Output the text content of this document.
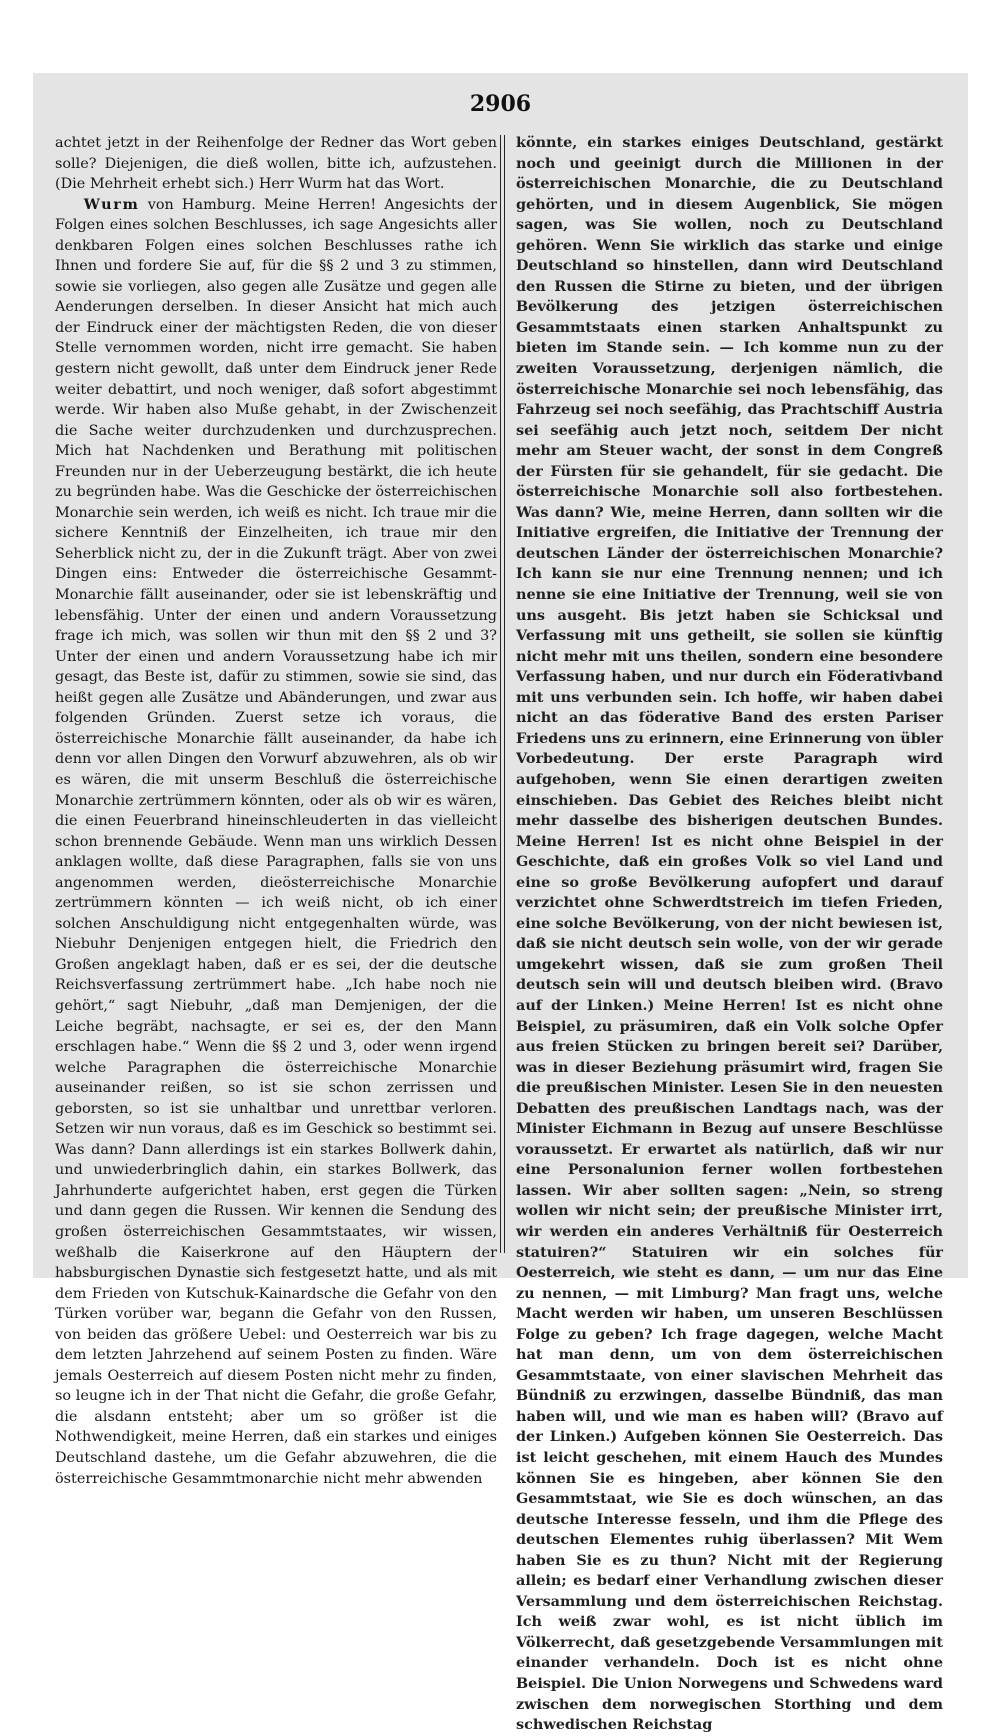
2906

achtet jetzt in der Reihenfolge der Redner das Wort geben solle? Diejenigen, die dieß wollen, bitte ich, aufzustehen. (Die Mehrheit erhebt sich.) Herr Wurm hat das Wort.

Wurm von Hamburg. Meine Herren! Angesichts der Folgen eines solchen Beschlusses, ich sage Angesichts aller denkbaren Folgen eines solchen Beschlusses rathe ich Ihnen und fordere Sie auf, für die §§ 2 und 3 zu stimmen, sowie sie vorliegen, also gegen alle Zusätze und gegen alle Aenderungen derselben. In dieser Ansicht hat mich auch der Eindruck einer der mächtigsten Reden, die von dieser Stelle vernommen worden, nicht irre gemacht. Sie haben gestern nicht gewollt, daß unter dem Eindruck jener Rede weiter debattirt, und noch weniger, daß sofort abgestimmt werde. Wir haben also Muße gehabt, in der Zwischenzeit die Sache weiter durchzudenken und durchzusprechen. Mich hat Nachdenken und Berathung mit politischen Freunden nur in der Ueberzeugung bestärkt, die ich heute zu begründen habe. Was die Geschicke der österreichischen Monarchie sein werden, ich weiß es nicht. Ich traue mir die sichere Kenntniß der Einzelheiten, ich traue mir den Seherblick nicht zu, der in die Zukunft trägt. Aber von zwei Dingen eins: Entweder die österreichische Gesammt-Monarchie fällt auseinander, oder sie ist lebenskräftig und lebensfähig. Unter der einen und andern Voraussetzung frage ich mich, was sollen wir thun mit den §§ 2 und 3? Unter der einen und andern Voraussetzung habe ich mir gesagt, das Beste ist, dafür zu stimmen, sowie sie sind, das heißt gegen alle Zusätze und Abänderungen, und zwar aus folgenden Gründen. Zuerst setze ich voraus, die österreichische Monarchie fällt auseinander, da habe ich denn vor allen Dingen den Vorwurf abzuwehren, als ob wir es wären, die mit unserm Beschluß die österreichische Monarchie zertrümmern könnten, oder als ob wir es wären, die einen Feuerbrand hineinschleuderten in das vielleicht schon brennende Gebäude. Wenn man uns wirklich Dessen anklagen wollte, daß diese Paragraphen, falls sie von uns angenommen werden, dieösterreichische Monarchie zertrümmern könnten — ich weiß nicht, ob ich einer solchen Anschuldigung nicht entgegenhalten würde, was Niebuhr Denjenigen entgegen hielt, die Friedrich den Großen angeklagt haben, daß er es sei, der die deutsche Reichsverfassung zertrümmert habe. „Ich habe noch nie gehört,“ sagt Niebuhr, „daß man Demjenigen, der die Leiche begräbt, nachsagte, er sei es, der den Mann erschlagen habe.“ Wenn die §§ 2 und 3, oder wenn irgend welche Paragraphen die österreichische Monarchie auseinander reißen, so ist sie schon zerrissen und geborsten, so ist sie unhaltbar und unrettbar verloren. Setzen wir nun voraus, daß es im Geschick so bestimmt sei. Was dann? Dann allerdings ist ein starkes Bollwerk dahin, und unwiederbringlich dahin, ein starkes Bollwerk, das Jahrhunderte aufgerichtet haben, erst gegen die Türken und dann gegen die Russen. Wir kennen die Sendung des großen österreichischen Gesammtstaates, wir wissen, weßhalb die Kaiserkrone auf den Häuptern der habsburgischen Dynastie sich festgesetzt hatte, und als mit dem Frieden von Kutschuk-Kainardsche die Gefahr von den Türken vorüber war, begann die Gefahr von den Russen, von beiden das größere Uebel: und Oesterreich war bis zu dem letzten Jahrzehend auf seinem Posten zu finden. Wäre jemals Oesterreich auf diesem Posten nicht mehr zu finden, so leugne ich in der That nicht die Gefahr, die große Gefahr, die alsdann entsteht; aber um so größer ist die Nothwendigkeit, meine Herren, daß ein starkes und einiges Deutschland dastehe, um die Gefahr abzuwehren, die die österreichische Gesammtmonarchie nicht mehr abwenden

könnte, ein starkes einiges Deutschland, gestärkt noch und geeinigt durch die Millionen in der österreichischen Monarchie, die zu Deutschland gehörten, und in diesem Augenblick, Sie mögen sagen, was Sie wollen, noch zu Deutschland gehören. Wenn Sie wirklich das starke und einige Deutschland so hinstellen, dann wird Deutschland den Russen die Stirne zu bieten, und der übrigen Bevölkerung des jetzigen österreichischen Gesammtstaats einen starken Anhaltspunkt zu bieten im Stande sein. — Ich komme nun zu der zweiten Voraussetzung, derjenigen nämlich, die österreichische Monarchie sei noch lebensfähig, das Fahrzeug sei noch seefähig, das Prachtschiff Austria sei seefähig auch jetzt noch, seitdem Der nicht mehr am Steuer wacht, der sonst in dem Congreß der Fürsten für sie gehandelt, für sie gedacht. Die österreichische Monarchie soll also fortbestehen. Was dann? Wie, meine Herren, dann sollten wir die Initiative ergreifen, die Initiative der Trennung der deutschen Länder der österreichischen Monarchie? Ich kann sie nur eine Trennung nennen; und ich nenne sie eine Initiative der Trennung, weil sie von uns ausgeht. Bis jetzt haben sie Schicksal und Verfassung mit uns getheilt, sie sollen sie künftig nicht mehr mit uns theilen, sondern eine besondere Verfassung haben, und nur durch ein Föderativband mit uns verbunden sein. Ich hoffe, wir haben dabei nicht an das föderative Band des ersten Pariser Friedens uns zu erinnern, eine Erinnerung von übler Vorbedeutung. Der erste Paragraph wird aufgehoben, wenn Sie einen derartigen zweiten einschieben. Das Gebiet des Reiches bleibt nicht mehr dasselbe des bisherigen deutschen Bundes. Meine Herren! Ist es nicht ohne Beispiel in der Geschichte, daß ein großes Volk so viel Land und eine so große Bevölkerung aufopfert und darauf verzichtet ohne Schwerdtstreich im tiefen Frieden, eine solche Bevölkerung, von der nicht bewiesen ist, daß sie nicht deutsch sein wolle, von der wir gerade umgekehrt wissen, daß sie zum großen Theil deutsch sein will und deutsch bleiben wird. (Bravo auf der Linken.) Meine Herren! Ist es nicht ohne Beispiel, zu präsumiren, daß ein Volk solche Opfer aus freien Stücken zu bringen bereit sei? Darüber, was in dieser Beziehung präsumirt wird, fragen Sie die preußischen Minister. Lesen Sie in den neuesten Debatten des preußischen Landtags nach, was der Minister Eichmann in Bezug auf unsere Beschlüsse voraussetzt. Er erwartet als natürlich, daß wir nur eine Personalunion ferner wollen fortbestehen lassen. Wir aber sollten sagen: „Nein, so streng wollen wir nicht sein; der preußische Minister irrt, wir werden ein anderes Verhältniß für Oesterreich statuiren?“ Statuiren wir ein solches für Oesterreich, wie steht es dann, — um nur das Eine zu nennen, — mit Limburg? Man fragt uns, welche Macht werden wir haben, um unseren Beschlüssen Folge zu geben? Ich frage dagegen, welche Macht hat man denn, um von dem österreichischen Gesammtstaate, von einer slavischen Mehrheit das Bündniß zu erzwingen, dasselbe Bündniß, das man haben will, und wie man es haben will? (Bravo auf der Linken.) Aufgeben können Sie Oesterreich. Das ist leicht geschehen, mit einem Hauch des Mundes können Sie es hingeben, aber können Sie den Gesammtstaat, wie Sie es doch wünschen, an das deutsche Interesse fesseln, und ihm die Pflege des deutschen Elementes ruhig überlassen? Mit Wem haben Sie es zu thun? Nicht mit der Regierung allein; es bedarf einer Verhandlung zwischen dieser Versammlung und dem österreichischen Reichstag. Ich weiß zwar wohl, es ist nicht üblich im Völkerrecht, daß gesetzgebende Versammlungen mit einander verhandeln. Doch ist es nicht ohne Beispiel. Die Union Norwegens und Schwedens ward zwischen dem norwegischen Storthing und dem schwedischen Reichstag
